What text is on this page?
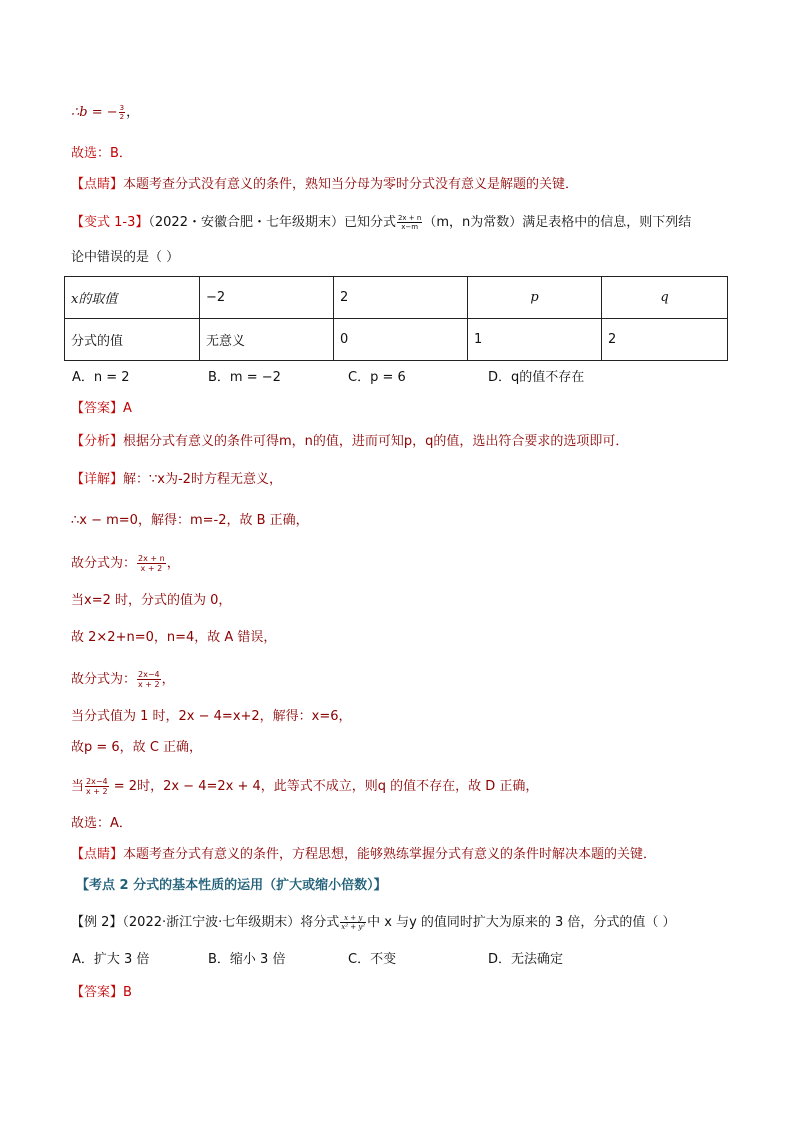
∴b = − $\frac{3}{2}$ ，
故选：B．
【点睛】本题考查分式没有意义的条件，熟知当分母为零时分式没有意义是解题的关键．
【变式 1-3】（2022・安徽合肥・七年级期末）已知分式 $\frac{2x + n}{x-m} (m$，n为常数）满足表格中的信息，则下列结
论中错误的是（ ）
x的取值	−2	2	p	q
分式的值	无意义	0	1	2
A．n = 2	B．m = −2	C．p = 6	D．q的值不存在
【答案】A
【分析】根据分式有意义的条件可得m，n的值，进而可知p，q的值，选出符合要求的选项即可．
【详解】解：∵x为-2时方程无意义，
∴x − m=0，解得：m=-2，故 B 正确，
故分式为： $\frac{2x + n}{x + 2}$ ，
当x=2 时，分式的值为 0，
故 2×2+n=0，n=4，故 A 错误，
故分式为： $\frac{2x-4}{x + 2}$ ，
当分式值为 1 时，2x − 4=x+2，解得：x=6，
故p = 6，故 C 正确，
当 $\frac{2x-4}{x + 2} = 2$时，2x − 4=2x + 4，此等式不成立，则q 的值不存在，故 D 正确，
故选：A．
【点睛】本题考查分式有意义的条件，方程思想，能够熟练掌握分式有意义的条件时解决本题的关键．
【考点 2 分式的基本性质的运用（扩大或缩小倍数）】
【例 2】（2022·浙江宁波·七年级期末）将分式 $\frac{x + y}{\text{x² + y²}}$ 中 x 与y 的值同时扩大为原来的 3 倍，分式的值（ ）
A．扩大 3 倍	B．缩小 3 倍	C．不变	D．无法确定
【答案】B
